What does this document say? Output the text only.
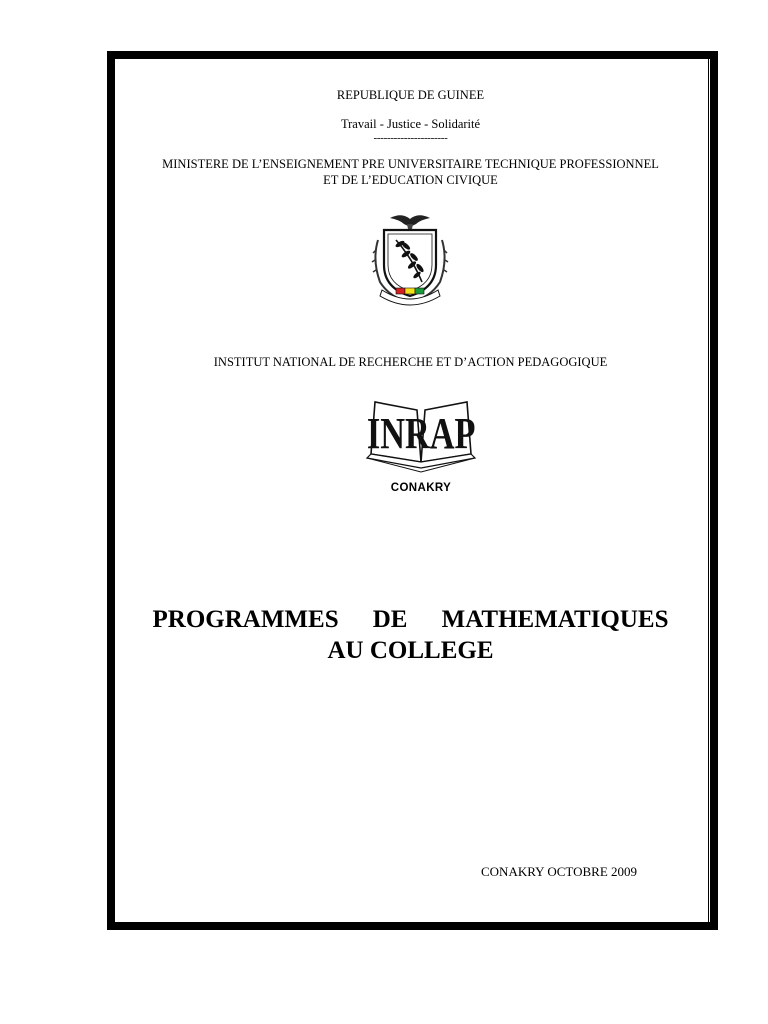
REPUBLIQUE DE GUINEE

Travail - Justice - Solidarité

----------------------

MINISTERE DE L’ENSEIGNEMENT PRE UNIVERSITAIRE TECHNIQUE PROFESSIONNEL

ET DE L’EDUCATION CIVIQUE

INSTITUT NATIONAL DE RECHERCHE ET D’ACTION PEDAGOGIQUE

INRAP
CONAKRY
PROGRAMMES DE MATHEMATIQUES
AU COLLEGE
CONAKRY OCTOBRE 2009
